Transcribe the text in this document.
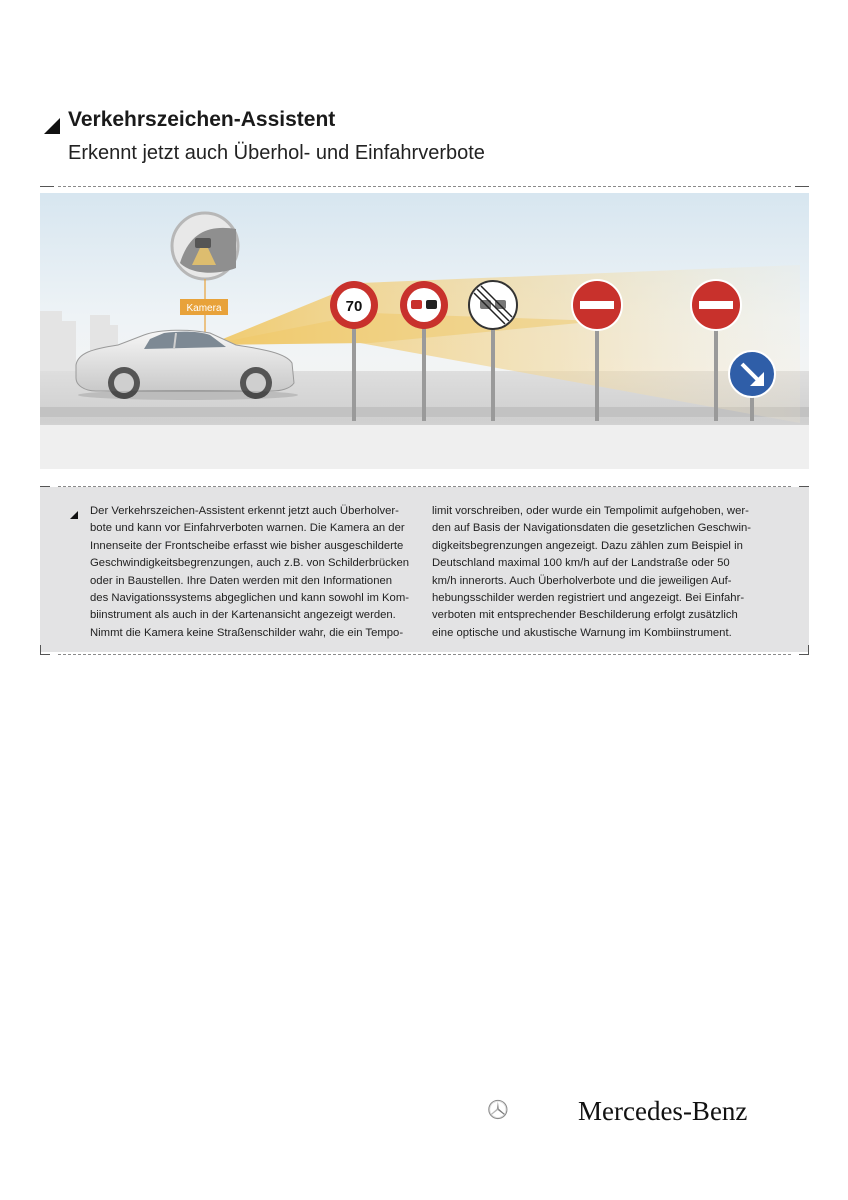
Verkehrszeichen-Assistent
Erkennt jetzt auch Überhol- und Einfahrverbote
Kamera	70
Der Verkehrszeichen-Assistent erkennt jetzt auch Überholver-
bote und kann vor Einfahrverboten warnen. Die Kamera an der
Innenseite der Frontscheibe erfasst wie bisher ausgeschilderte
Geschwindigkeitsbegrenzungen, auch z.B. von Schilderbrücken
oder in Baustellen. Ihre Daten werden mit den Informationen
des Navigationssystems abgeglichen und kann sowohl im Kom-
biinstrument als auch in der Kartenansicht angezeigt werden.
Nimmt die Kamera keine Straßenschilder wahr, die ein Tempo-
limit vorschreiben, oder wurde ein Tempolimit aufgehoben, wer-
den auf Basis der Navigationsdaten die gesetzlichen Geschwin-
digkeitsbegrenzungen angezeigt. Dazu zählen zum Beispiel in
Deutschland maximal 100 km/h auf der Landstraße oder 50
km/h innerorts. Auch Überholverbote und die jeweiligen Auf-
hebungsschilder werden registriert und angezeigt. Bei Einfahr-
verboten mit entsprechender Beschilderung erfolgt zusätzlich
eine optische und akustische Warnung im Kombiinstrument.
Mercedes-Benz
